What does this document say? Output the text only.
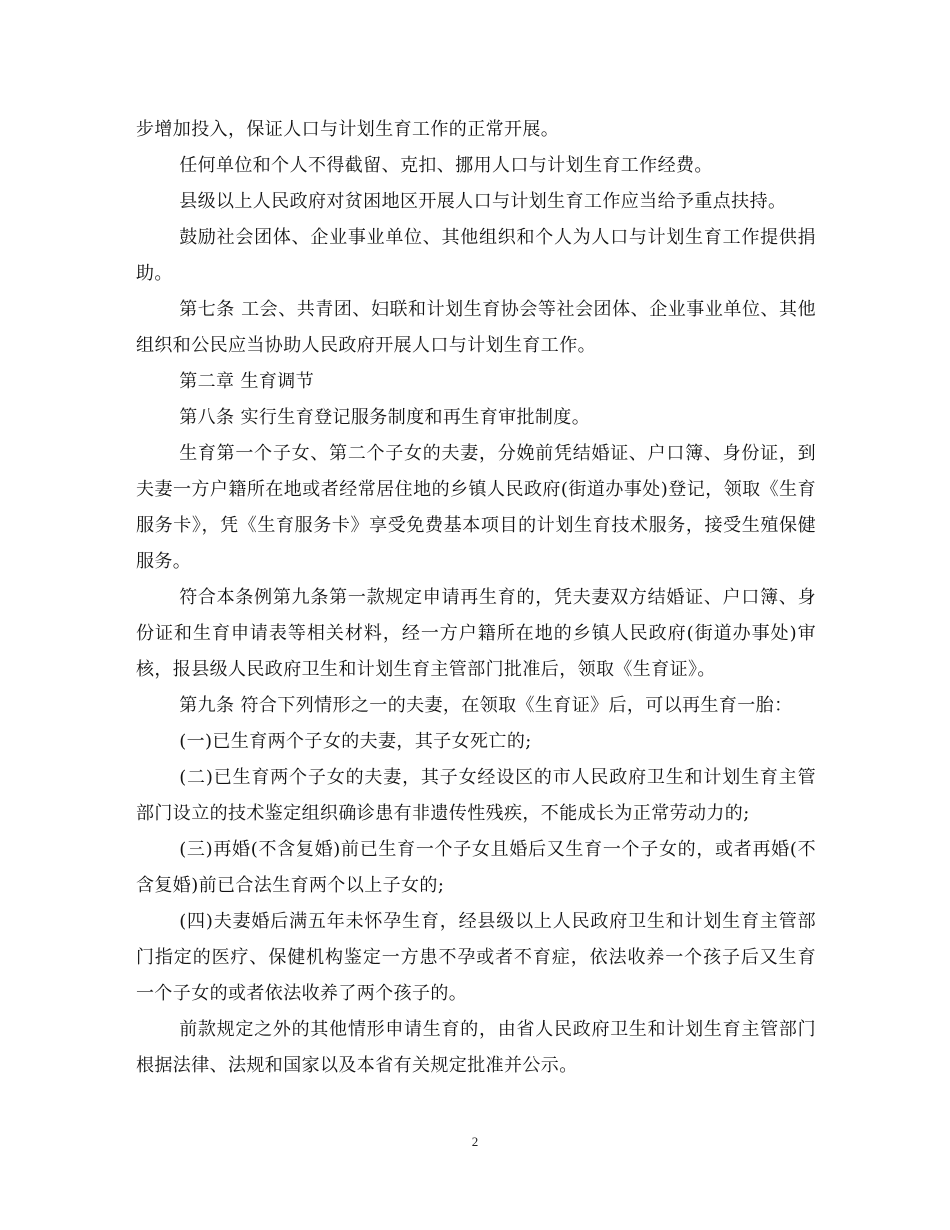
步增加投入，保证人口与计划生育工作的正常开展。

任何单位和个人不得截留、克扣、挪用人口与计划生育工作经费。

县级以上人民政府对贫困地区开展人口与计划生育工作应当给予重点扶持。

鼓励社会团体、企业事业单位、其他组织和个人为人口与计划生育工作提供捐助。

第七条 工会、共青团、妇联和计划生育协会等社会团体、企业事业单位、其他组织和公民应当协助人民政府开展人口与计划生育工作。

第二章 生育调节

第八条 实行生育登记服务制度和再生育审批制度。

生育第一个子女、第二个子女的夫妻，分娩前凭结婚证、户口簿、身份证，到夫妻一方户籍所在地或者经常居住地的乡镇人民政府(街道办事处)登记，领取《生育服务卡》，凭《生育服务卡》享受免费基本项目的计划生育技术服务，接受生殖保健服务。

符合本条例第九条第一款规定申请再生育的，凭夫妻双方结婚证、户口簿、身份证和生育申请表等相关材料，经一方户籍所在地的乡镇人民政府(街道办事处)审核，报县级人民政府卫生和计划生育主管部门批准后，领取《生育证》。

第九条 符合下列情形之一的夫妻，在领取《生育证》后，可以再生育一胎：

(一)已生育两个子女的夫妻，其子女死亡的;

(二)已生育两个子女的夫妻，其子女经设区的市人民政府卫生和计划生育主管部门设立的技术鉴定组织确诊患有非遗传性残疾，不能成长为正常劳动力的;

(三)再婚(不含复婚)前已生育一个子女且婚后又生育一个子女的，或者再婚(不含复婚)前已合法生育两个以上子女的;

(四)夫妻婚后满五年未怀孕生育，经县级以上人民政府卫生和计划生育主管部门指定的医疗、保健机构鉴定一方患不孕或者不育症，依法收养一个孩子后又生育一个子女的或者依法收养了两个孩子的。

前款规定之外的其他情形申请生育的，由省人民政府卫生和计划生育主管部门根据法律、法规和国家以及本省有关规定批准并公示。

2
